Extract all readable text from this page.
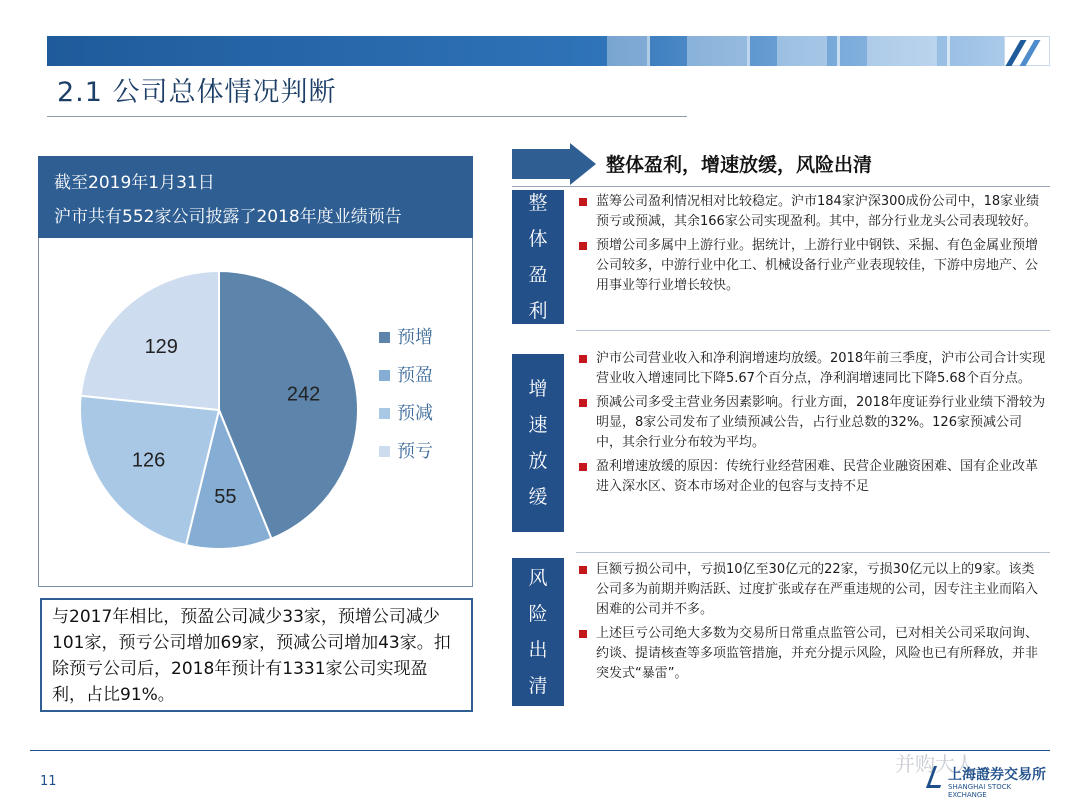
2.1 公司总体情况判断
截至2019年1月31日
沪市共有552家公司披露了2018年度业绩预告
242
55
126
129	预增
预盈
预减
预亏
与2017年相比，预盈公司减少33家，预增公司减少101家，预亏公司增加69家，预减公司增加43家。扣除预亏公司后，2018年预计有1331家公司实现盈利，占比91%。
整体盈利，增速放缓，风险出清
整
体
盈
利
蓝筹公司盈利情况相对比较稳定。沪市184家沪深300成份公司中，18家业绩预亏或预减，其余166家公司实现盈利。其中，部分行业龙头公司表现较好。
预增公司多属中上游行业。据统计，上游行业中钢铁、采掘、有色金属业预增公司较多，中游行业中化工、机械设备行业产业表现较佳，下游中房地产、公用事业等行业增长较快。
增
速
放
缓
沪市公司营业收入和净利润增速均放缓。2018年前三季度，沪市公司合计实现营业收入增速同比下降5.67个百分点，净利润增速同比下降5.68个百分点。
预减公司多受主营业务因素影响。行业方面，2018年度证券行业业绩下滑较为明显，8家公司发布了业绩预减公告，占行业总数的32%。126家预减公司中，其余行业分布较为平均。
盈利增速放缓的原因：传统行业经营困难、民营企业融资困难、国有企业改革进入深水区、资本市场对企业的包容与支持不足
风
险
出
清
巨额亏损公司中，亏损10亿至30亿元的22家，亏损30亿元以上的9家。该类公司多为前期并购活跃、过度扩张或存在严重违规的公司，因专注主业而陷入困难的公司并不多。
上述巨亏公司绝大多数为交易所日常重点监管公司，已对相关公司采取问询、约谈、提请核查等多项监管措施，并充分提示风险，风险也已有所释放，并非突发式“暴雷”。
11
并购大人
上海證券交易所
SHANGHAI STOCK EXCHANGE
